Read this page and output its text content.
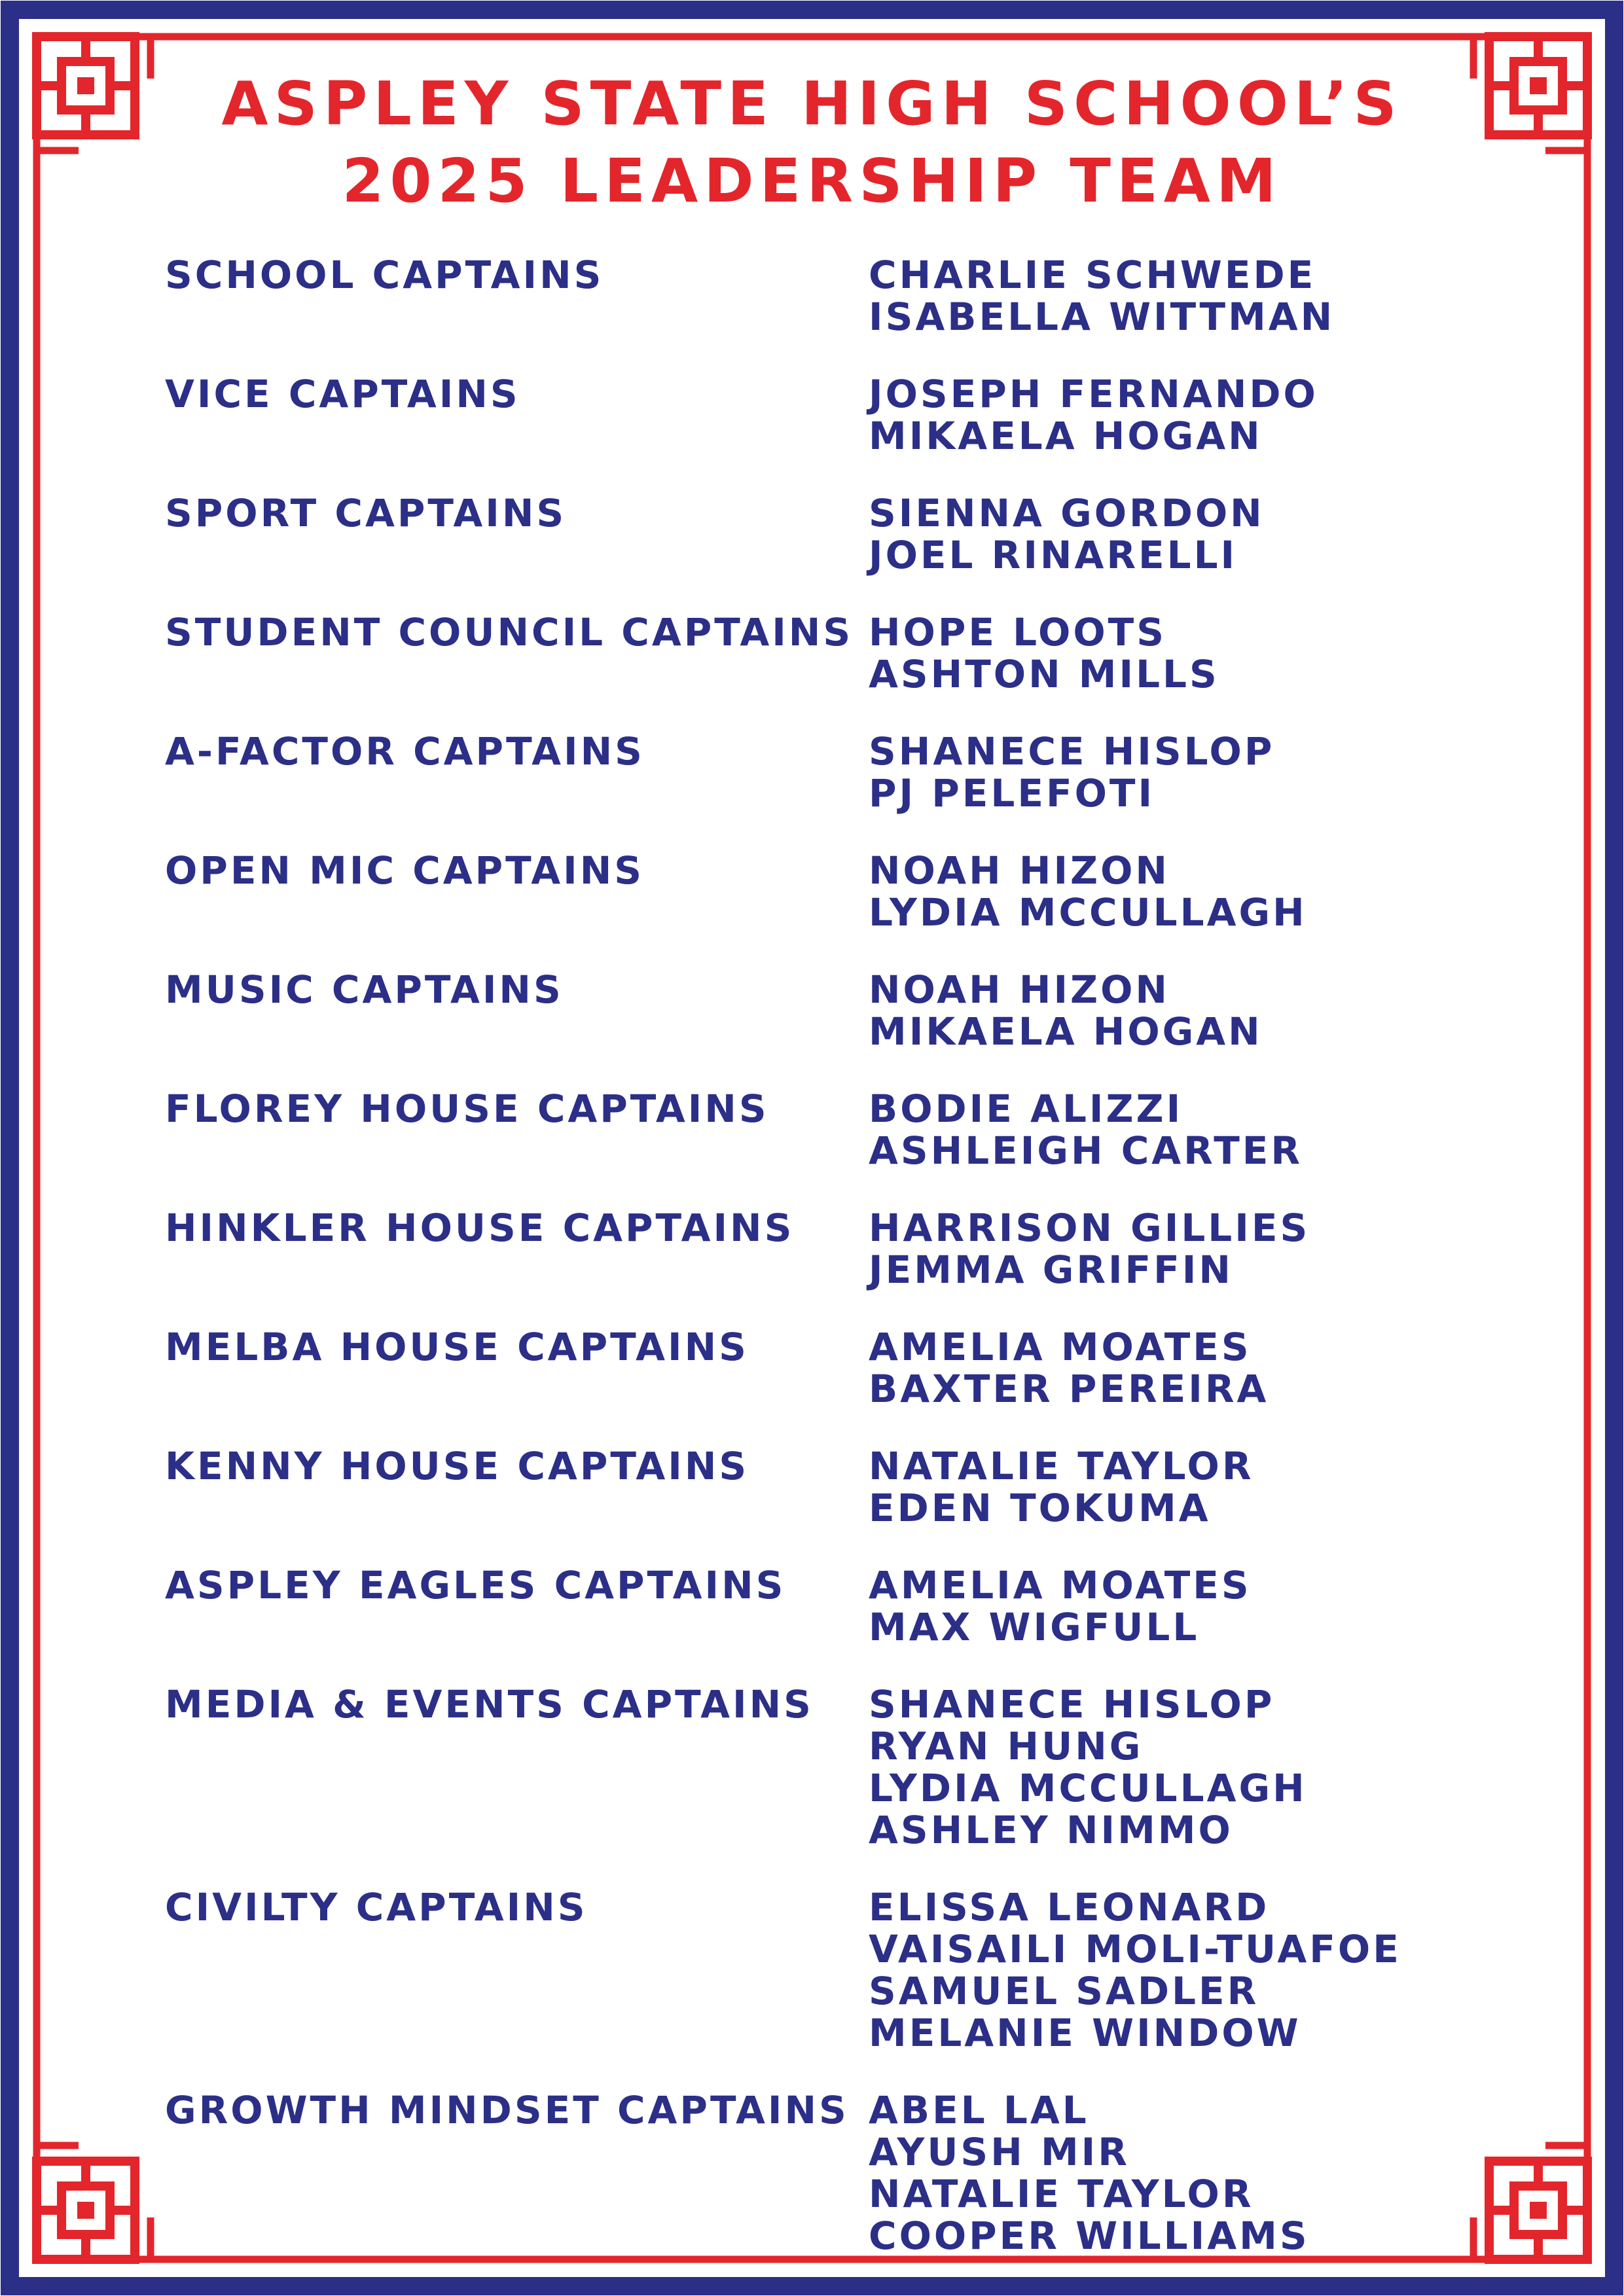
ASPLEY STATE HIGH SCHOOL’S
2025 LEADERSHIP TEAM
SCHOOL CAPTAINS	CHARLIE SCHWEDE
ISABELLA WITTMAN
VICE CAPTAINS	JOSEPH FERNANDO
MIKAELA HOGAN
SPORT CAPTAINS	SIENNA GORDON
JOEL RINARELLI
STUDENT COUNCIL CAPTAINS HOPE LOOTS
ASHTON MILLS
A-FACTOR CAPTAINS	SHANECE HISLOP
PJ PELEFOTI
OPEN MIC CAPTAINS	NOAH HIZON
LYDIA MCCULLAGH
MUSIC CAPTAINS	NOAH HIZON
MIKAELA HOGAN
FLOREY HOUSE CAPTAINS	BODIE ALIZZI
ASHLEIGH CARTER
HINKLER HOUSE CAPTAINS	HARRISON GILLIES
JEMMA GRIFFIN
MELBA HOUSE CAPTAINS	AMELIA MOATES
BAXTER PEREIRA
KENNY HOUSE CAPTAINS	NATALIE TAYLOR
EDEN TOKUMA
ASPLEY EAGLES CAPTAINS	AMELIA MOATES
MAX WIGFULL
MEDIA & EVENTS CAPTAINS	SHANECE HISLOP
RYAN HUNG
LYDIA MCCULLAGH
ASHLEY NIMMO
CIVILTY CAPTAINS	ELISSA LEONARD
VAISAILI MOLI-TUAFOE
SAMUEL SADLER
MELANIE WINDOW
GROWTH MINDSET CAPTAINS ABEL LAL
AYUSH MIR
NATALIE TAYLOR
COOPER WILLIAMS
